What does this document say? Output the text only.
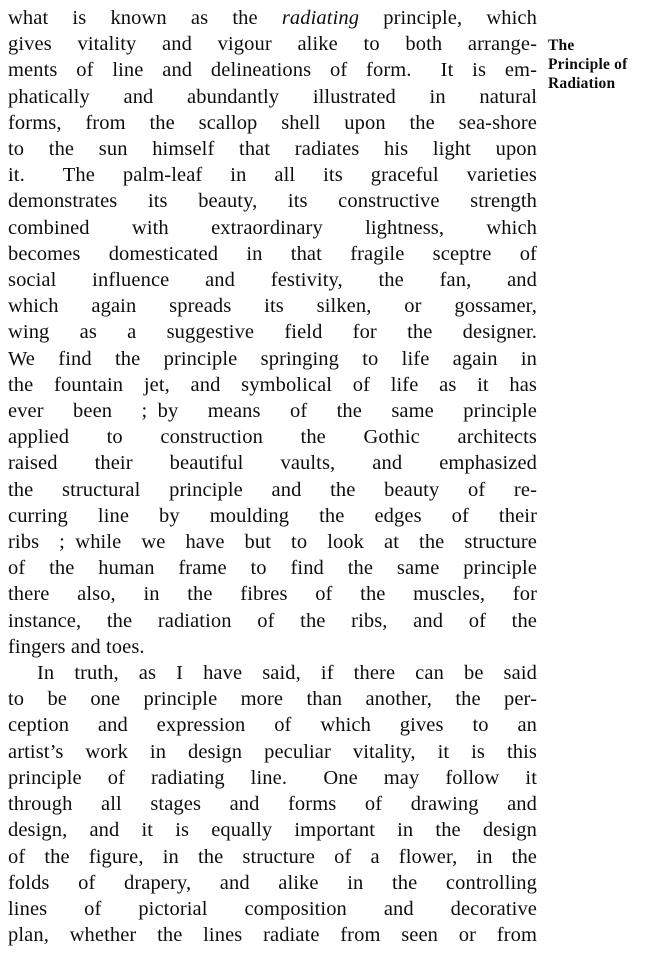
what is known as the radiating principle, which
gives vitality and vigour alike to both arrange-
ments of line and delineations of form.  It is em-
phatically and abundantly illustrated in natural
forms, from the scallop shell upon the sea-shore
to the sun himself that radiates his light upon
it.  The palm-leaf in all its graceful varieties
demonstrates its beauty, its constructive strength
combined with extraordinary lightness, which
becomes domesticated in that fragile sceptre of
social influence and festivity, the fan, and
which again spreads its silken, or gossamer,
wing as a suggestive field for the designer.
We find the principle springing to life again in
the fountain jet, and symbolical of life as it has
ever been ; by means of the same principle
applied to construction the Gothic architects
raised their beautiful vaults, and emphasized
the structural principle and the beauty of re-
curring line by moulding the edges of their
ribs ; while we have but to look at the structure
of the human frame to find the same principle
there also, in the fibres of the muscles, for
instance, the radiation of the ribs, and of the
fingers and toes.
In truth, as I have said, if there can be said
to be one principle more than another, the per-
ception and expression of which gives to an
artist’s work in design peculiar vitality, it is this
principle of radiating line.  One may follow it
through all stages and forms of drawing and
design, and it is equally important in the design
of the figure, in the structure of a flower, in the
folds of drapery, and alike in the controlling
lines of pictorial composition and decorative
plan, whether the lines radiate from seen or from
The
Principle of
Radiation
